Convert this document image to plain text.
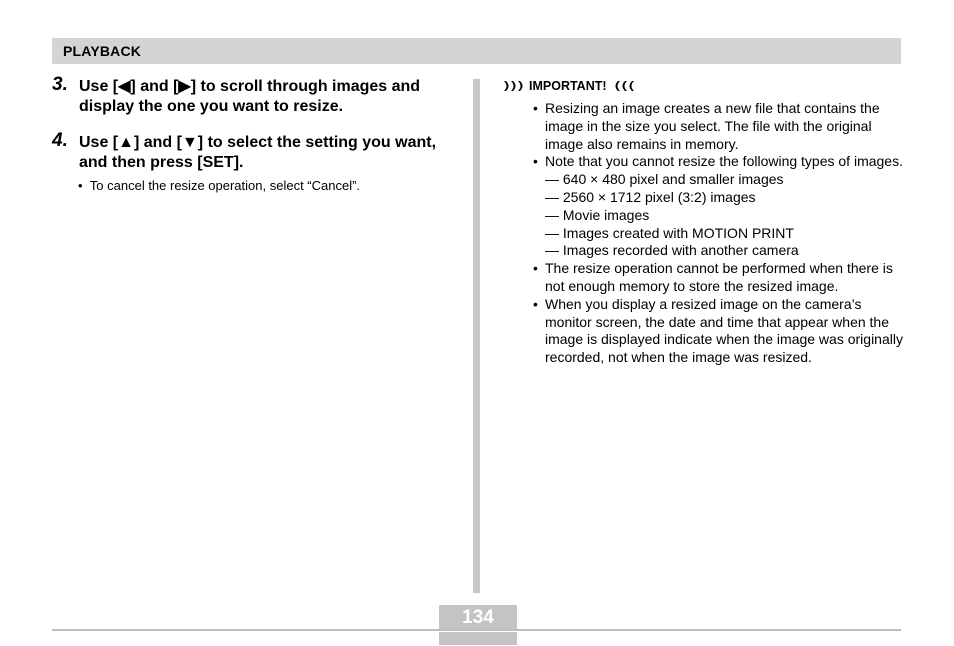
PLAYBACK
3. Use [◀] and [▶] to scroll through images and display the one you want to resize.
4. Use [▲] and [▼] to select the setting you want, and then press [SET].
•  To cancel the resize operation, select “Cancel”.
IMPORTANT!
• Resizing an image creates a new file that contains the image in the size you select. The file with the original image also remains in memory.
• Note that you cannot resize the following types of images.
— 640 × 480 pixel and smaller images
— 2560 × 1712 pixel (3:2) images
— Movie images
— Images created with MOTION PRINT
— Images recorded with another camera
• The resize operation cannot be performed when there is not enough memory to store the resized image.
• When you display a resized image on the camera’s monitor screen, the date and time that appear when the image is displayed indicate when the image was originally recorded, not when the image was resized.
134
